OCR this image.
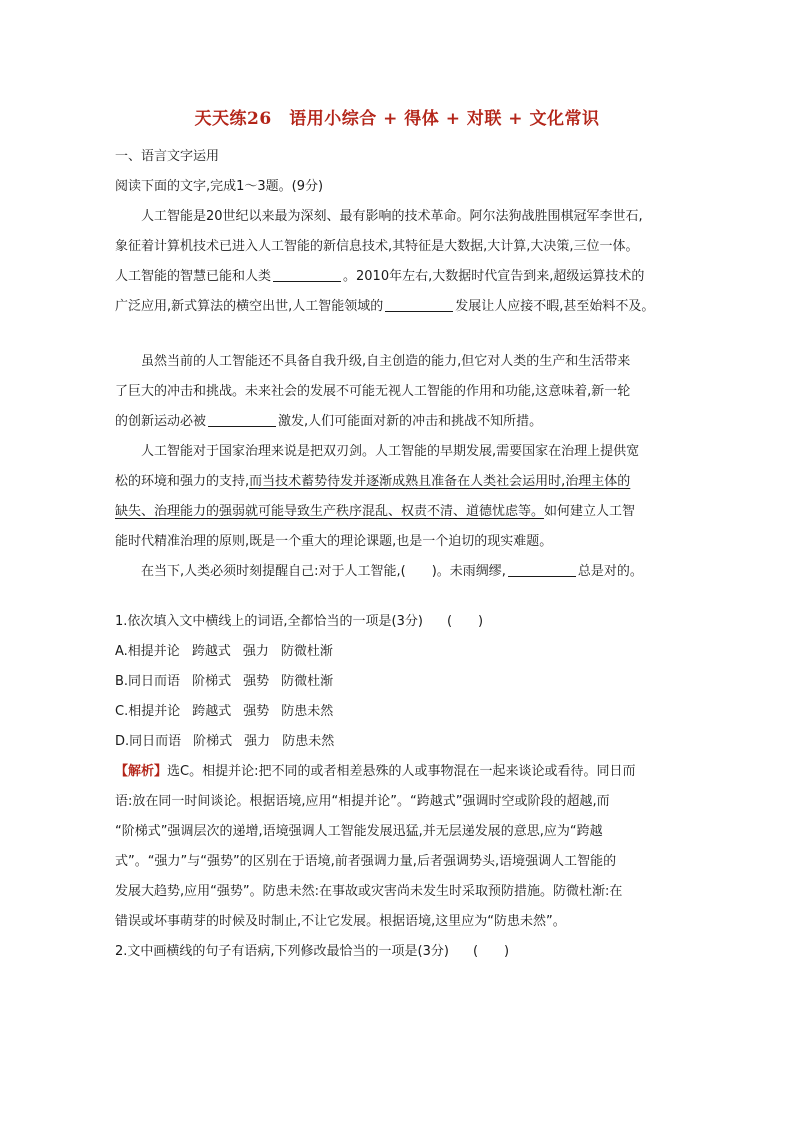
天天练26　语用小综合 + 得体 + 对联 + 文化常识
一、语言文字运用
阅读下面的文字,完成1～3题。(9分)
人工智能是20世纪以来最为深刻、最有影响的技术革命。阿尔法狗战胜围棋冠军李世石,
象征着计算机技术已进入人工智能的新信息技术,其特征是大数据,大计算,大决策,三位一体。
人工智能的智慧已能和人类	。2010年左右,大数据时代宣告到来,超级运算技术的
广泛应用,新式算法的横空出世,人工智能领域的	发展让人应接不暇,甚至始料不及。
虽然当前的人工智能还不具备自我升级,自主创造的能力,但它对人类的生产和生活带来
了巨大的冲击和挑战。未来社会的发展不可能无视人工智能的作用和功能,这意味着,新一轮
的创新运动必被	激发,人们可能面对新的冲击和挑战不知所措。
人工智能对于国家治理来说是把双刃剑。人工智能的早期发展,需要国家在治理上提供宽
松的环境和强力的支持,而当技术蓄势待发并逐渐成熟且准备在人类社会运用时,治理主体的
缺失、治理能力的强弱就可能导致生产秩序混乱、权责不清、道德忧虑等。如何建立人工智
能时代精准治理的原则,既是一个重大的理论课题,也是一个迫切的现实难题。
在当下,人类必须时刻提醒自己:对于人工智能,(　　)。未雨绸缪,	总是对的。
1.依次填入文中横线上的词语,全都恰当的一项是(3分) (　　)
A.相提并论 跨越式 强力 防微杜渐
B.同日而语 阶梯式 强势 防微杜渐
C.相提并论 跨越式 强势 防患未然
D.同日而语 阶梯式 强力 防患未然
【解析】选C。相提并论:把不同的或者相差悬殊的人或事物混在一起来谈论或看待。同日而
语:放在同一时间谈论。根据语境,应用“相提并论”。“跨越式”强调时空或阶段的超越,而
“阶梯式”强调层次的递增,语境强调人工智能发展迅猛,并无层递发展的意思,应为“跨越
式”。“强力”与“强势”的区别在于语境,前者强调力量,后者强调势头,语境强调人工智能的
发展大趋势,应用“强势”。防患未然:在事故或灾害尚未发生时采取预防措施。防微杜渐:在
错误或坏事萌芽的时候及时制止,不让它发展。根据语境,这里应为“防患未然”。
2.文中画横线的句子有语病,下列修改最恰当的一项是(3分) (　　)
